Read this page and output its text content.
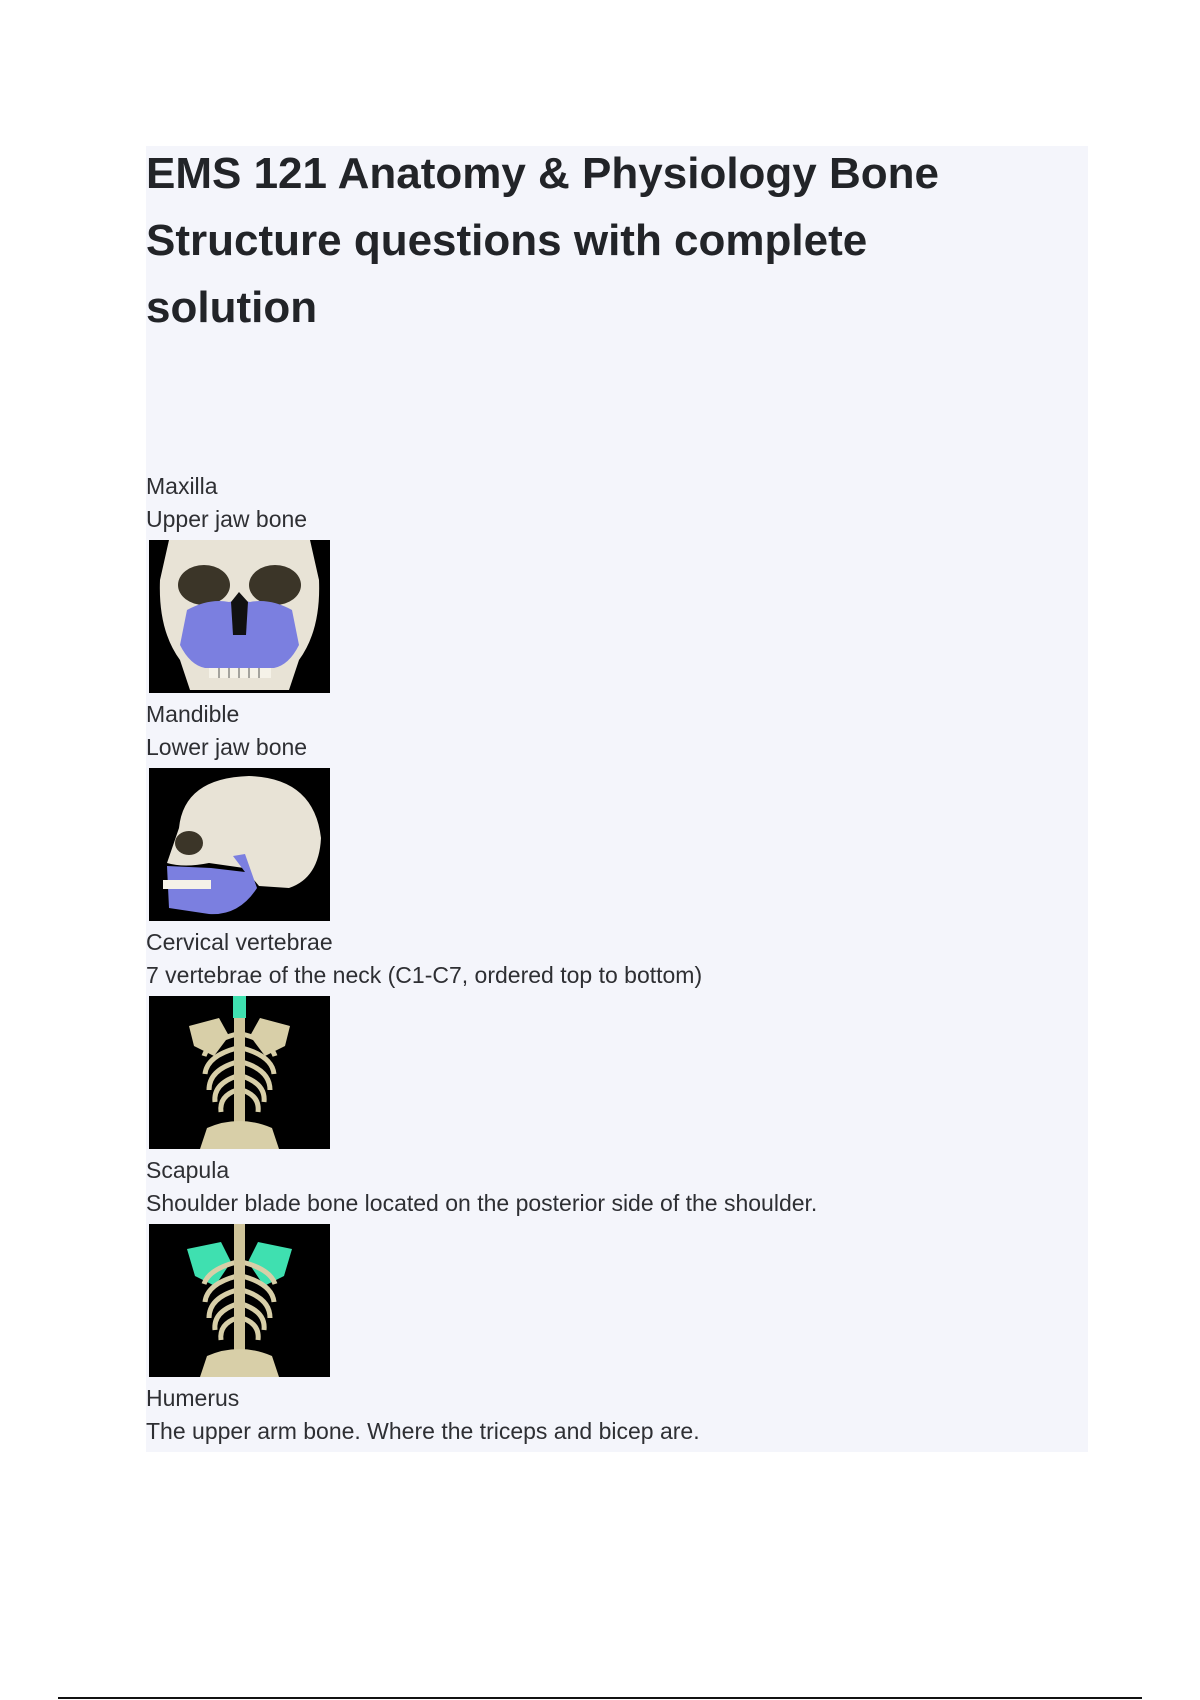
EMS 121 Anatomy & Physiology Bone Structure questions with complete solution

Maxilla

Upper jaw bone

Mandible

Lower jaw bone

Cervical vertebrae

7 vertebrae of the neck (C1-C7, ordered top to bottom)

Scapula

Shoulder blade bone located on the posterior side of the shoulder.

Humerus

The upper arm bone. Where the triceps and bicep are.
